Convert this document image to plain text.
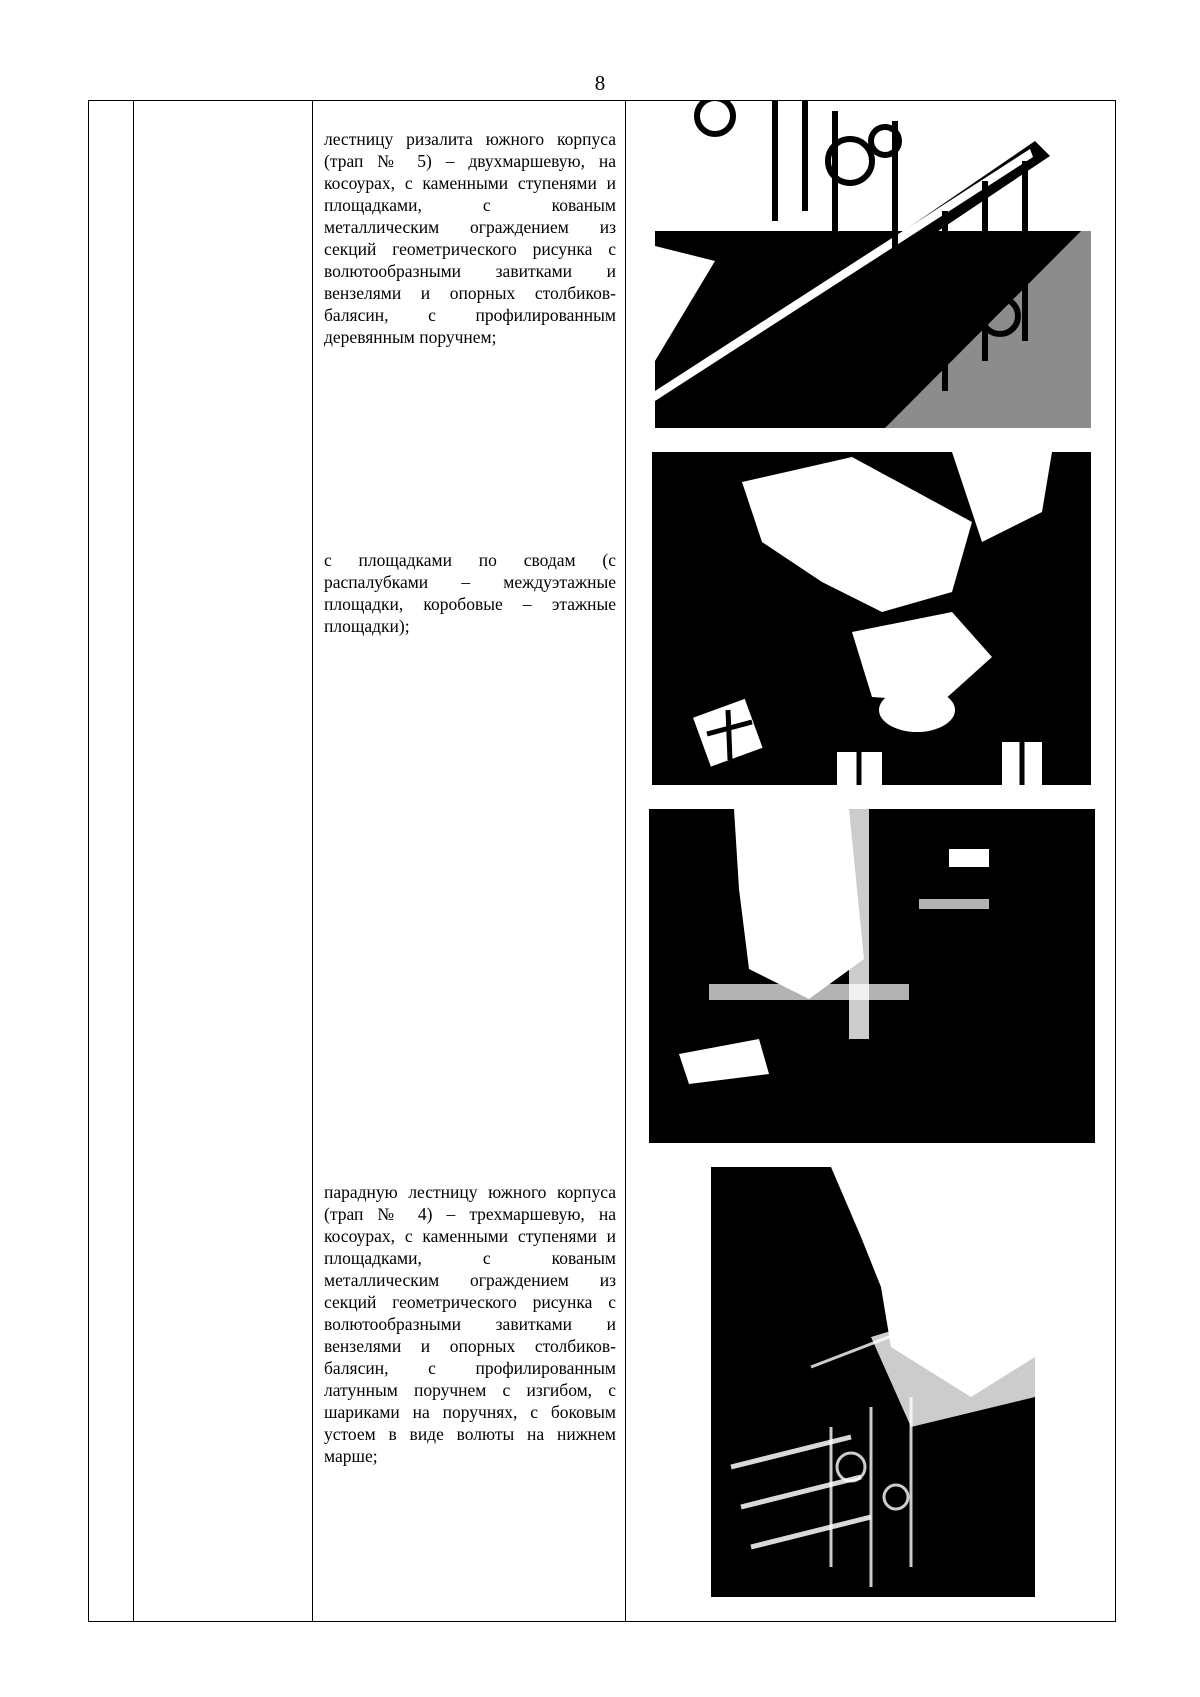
8
лестницу ризалита южного корпуса (трап № 5) – двухмаршевую, на косоурах, с каменными ступенями и площадками, с кованым металлическим ограждением из секций геометрического рисунка с волютообразными завитками и вензелями и опорных столбиков-балясин, с профилированным деревянным поручнем;
с площадками по сводам (с распалубками – междуэтажные площадки, коробовые – этажные площадки);
парадную лестницу южного корпуса (трап № 4) – трехмаршевую, на косоурах, с каменными ступенями и площадками, с кованым металлическим ограждением из секций геометрического рисунка с волютообразными завитками и вензелями и опорных столбиков-балясин, с профилированным латунным поручнем с изгибом, с шариками на поручнях, с боковым устоем в виде волюты на нижнем марше;
